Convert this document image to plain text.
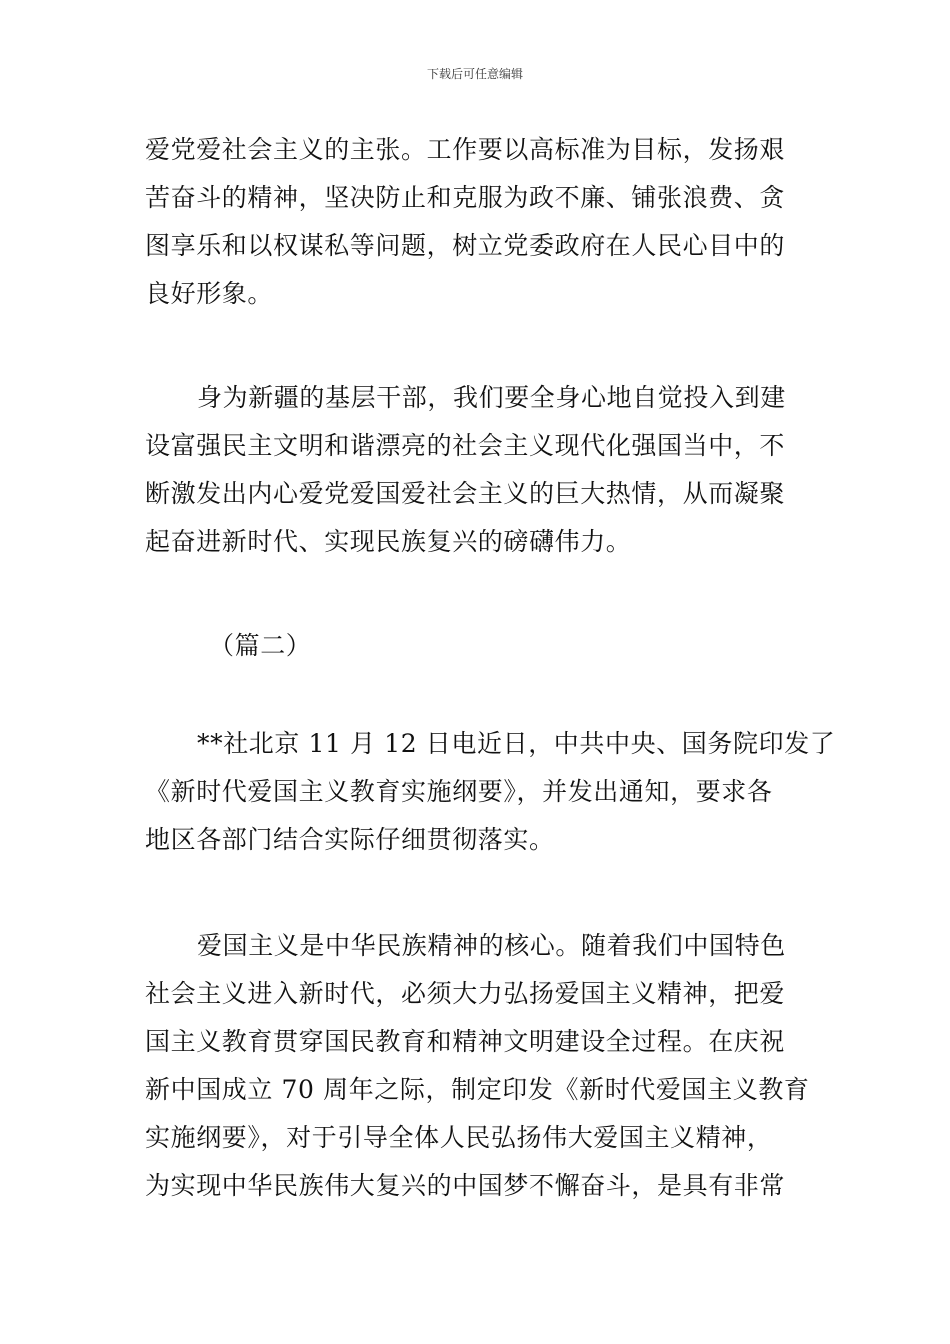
下载后可任意编辑
爱党爱社会主义的主张。工作要以高标准为目标，发扬艰
苦奋斗的精神，坚决防止和克服为政不廉、铺张浪费、贪
图享乐和以权谋私等问题，树立党委政府在人民心目中的
良好形象。
身为新疆的基层干部，我们要全身心地自觉投入到建
设富强民主文明和谐漂亮的社会主义现代化强国当中，不
断激发出内心爱党爱国爱社会主义的巨大热情，从而凝聚
起奋进新时代、实现民族复兴的磅礴伟力。
（篇二）
**社北京 11 月 12 日电近日，中共中央、国务院印发了
《新时代爱国主义教育实施纲要》，并发出通知，要求各
地区各部门结合实际仔细贯彻落实。
爱国主义是中华民族精神的核心。随着我们中国特色
社会主义进入新时代，必须大力弘扬爱国主义精神，把爱
国主义教育贯穿国民教育和精神文明建设全过程。在庆祝
新中国成立 70 周年之际，制定印发《新时代爱国主义教育
实施纲要》，对于引导全体人民弘扬伟大爱国主义精神，
为实现中华民族伟大复兴的中国梦不懈奋斗，是具有非常
